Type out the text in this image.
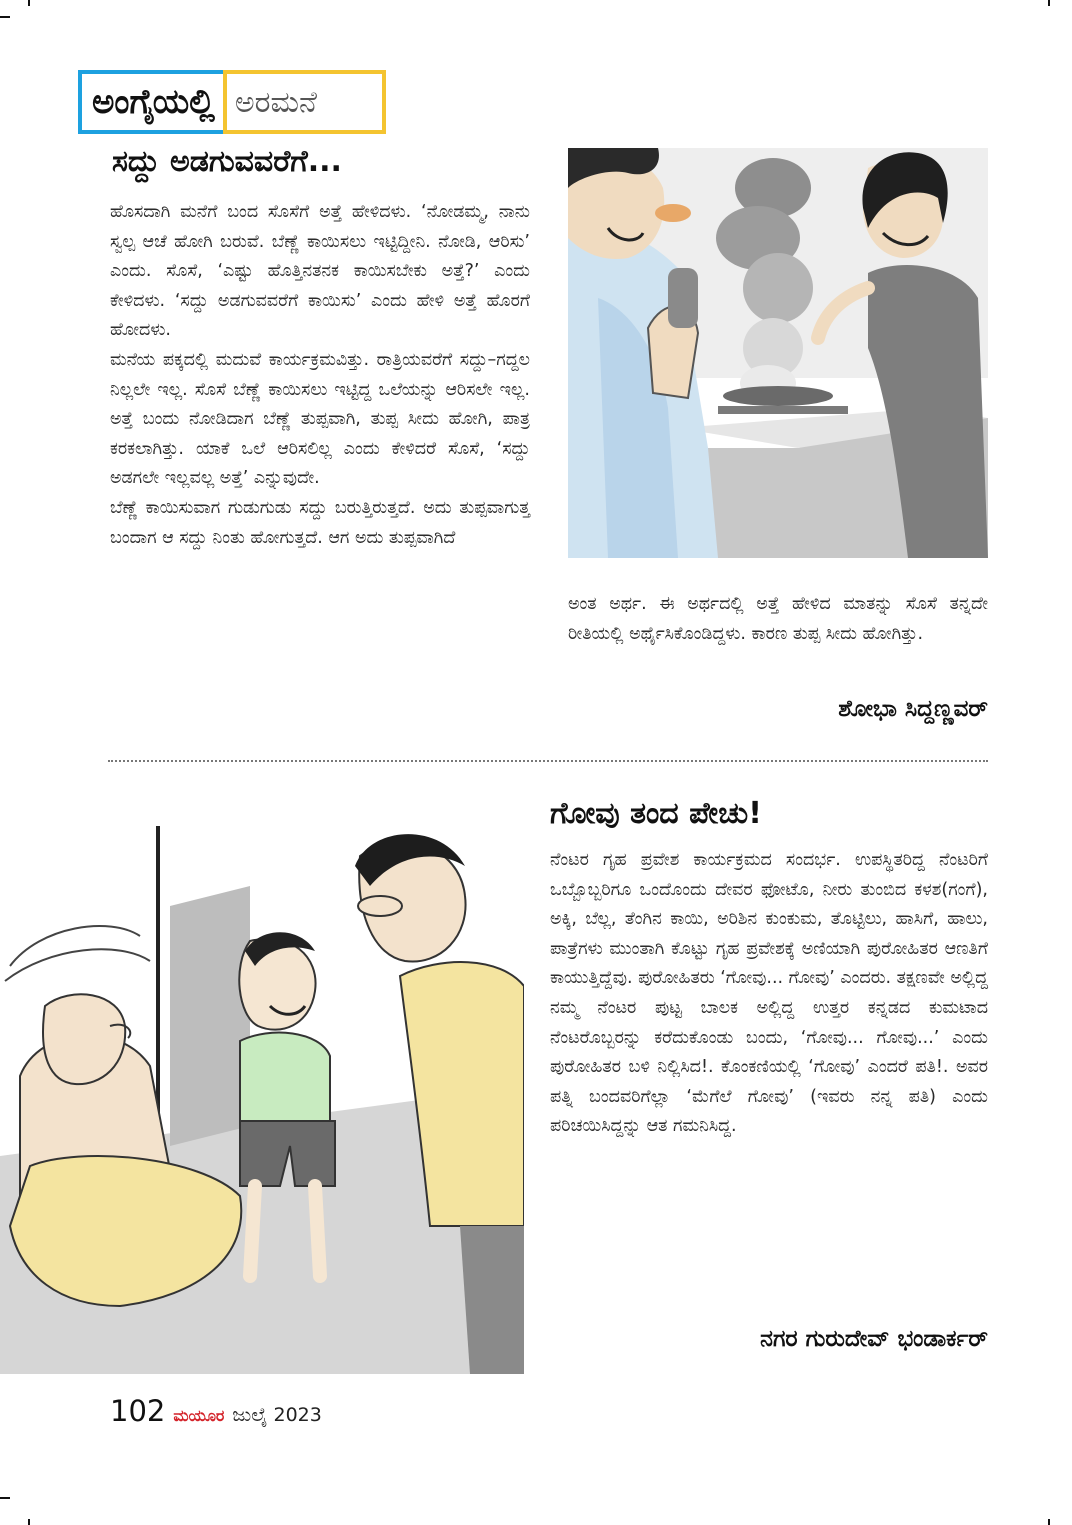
ಅಂಗೈಯಲ್ಲಿ ಅರಮನೆ
ಸದ್ದು ಅಡಗುವವರೆಗೆ...

ಹೊಸದಾಗಿ ಮನೆಗೆ ಬಂದ ಸೊಸೆಗೆ ಅತ್ತೆ ಹೇಳಿದಳು. ‘ನೋಡಮ್ಮ, ನಾನು ಸ್ವಲ್ಪ ಆಚೆ ಹೋಗಿ ಬರುವೆ. ಬೆಣ್ಣೆ ಕಾಯಿಸಲು ಇಟ್ಟಿದ್ದೀನಿ. ನೋಡಿ, ಆರಿಸು’ ಎಂದು. ಸೊಸೆ, ‘ಎಷ್ಟು ಹೊತ್ತಿನತನಕ ಕಾಯಿಸಬೇಕು ಅತ್ತೆ?’ ಎಂದು ಕೇಳಿದಳು. ‘ಸದ್ದು ಅಡಗುವವರೆಗೆ ಕಾಯಿಸು’ ಎಂದು ಹೇಳಿ ಅತ್ತೆ ಹೊರಗೆ ಹೋದಳು.

ಮನೆಯ ಪಕ್ಕದಲ್ಲಿ ಮದುವೆ ಕಾರ್ಯಕ್ರಮವಿತ್ತು. ರಾತ್ರಿಯವರೆಗೆ ಸದ್ದು–ಗದ್ದಲ ನಿಲ್ಲಲೇ ಇಲ್ಲ. ಸೊಸೆ ಬೆಣ್ಣೆ ಕಾಯಿಸಲು ಇಟ್ಟಿದ್ದ ಒಲೆಯನ್ನು ಆರಿಸಲೇ ಇಲ್ಲ. ಅತ್ತೆ ಬಂದು ನೋಡಿದಾಗ ಬೆಣ್ಣೆ ತುಪ್ಪವಾಗಿ, ತುಪ್ಪ ಸೀದು ಹೋಗಿ, ಪಾತ್ರ ಕರಕಲಾಗಿತ್ತು. ಯಾಕೆ ಒಲೆ ಆರಿಸಲಿಲ್ಲ ಎಂದು ಕೇಳಿದರೆ ಸೊಸೆ, ‘ಸದ್ದು ಅಡಗಲೇ ಇಲ್ಲವಲ್ಲ ಅತ್ತೆ’ ಎನ್ನುವುದೇ.

ಬೆಣ್ಣೆ ಕಾಯಿಸುವಾಗ ಗುಡುಗುಡು ಸದ್ದು ಬರುತ್ತಿರುತ್ತದೆ. ಅದು ತುಪ್ಪವಾಗುತ್ತ ಬಂದಾಗ ಆ ಸದ್ದು ನಿಂತು ಹೋಗುತ್ತದೆ. ಆಗ ಅದು ತುಪ್ಪವಾಗಿದೆ

ಅಂತ ಅರ್ಥ. ಈ ಅರ್ಥದಲ್ಲಿ ಅತ್ತೆ ಹೇಳಿದ ಮಾತನ್ನು ಸೊಸೆ ತನ್ನದೇ ರೀತಿಯಲ್ಲಿ ಅರ್ಥೈಸಿಕೊಂಡಿದ್ದಳು. ಕಾರಣ ತುಪ್ಪ ಸೀದು ಹೋಗಿತ್ತು.
ಶೋಭಾ ಸಿದ್ದಣ್ಣವರ್
ಗೋವು ತಂದ ಪೇಚು!
ನೆಂಟರ ಗೃಹ ಪ್ರವೇಶ ಕಾರ್ಯಕ್ರಮದ ಸಂದರ್ಭ. ಉಪಸ್ಥಿತರಿದ್ದ ನೆಂಟರಿಗೆ ಒಬ್ಬೊಬ್ಬರಿಗೂ ಒಂದೊಂದು ದೇವರ ಫೋಟೊ, ನೀರು ತುಂಬಿದ ಕಳಶ(ಗಂಗೆ), ಅಕ್ಕಿ, ಬೆಲ್ಲ, ತೆಂಗಿನ ಕಾಯಿ, ಅರಿಶಿನ ಕುಂಕುಮ, ತೊಟ್ಟಿಲು, ಹಾಸಿಗೆ, ಹಾಲು, ಪಾತ್ರೆಗಳು ಮುಂತಾಗಿ ಕೊಟ್ಟು ಗೃಹ ಪ್ರವೇಶಕ್ಕೆ ಅಣಿಯಾಗಿ ಪುರೋಹಿತರ ಆಣತಿಗೆ ಕಾಯುತ್ತಿದ್ದೆವು. ಪುರೋಹಿತರು ‘ಗೋವು... ಗೋವು’ ಎಂದರು. ತಕ್ಷಣವೇ ಅಲ್ಲಿದ್ದ ನಮ್ಮ ನೆಂಟರ ಪುಟ್ಟ ಬಾಲಕ ಅಲ್ಲಿದ್ದ ಉತ್ತರ ಕನ್ನಡದ ಕುಮಟಾದ ನೆಂಟರೊಬ್ಬರನ್ನು ಕರೆದುಕೊಂಡು ಬಂದು, ‘ಗೋವು... ಗೋವು...’ ಎಂದು ಪುರೋಹಿತರ ಬಳಿ ನಿಲ್ಲಿಸಿದ!. ಕೊಂಕಣಿಯಲ್ಲಿ ‘ಗೋವು’ ಎಂದರೆ ಪತಿ!. ಅವರ ಪತ್ನಿ ಬಂದವರಿಗೆಲ್ಲಾ ‘ಮೆಗೆಲೆ ಗೋವು’ (ಇವರು ನನ್ನ ಪತಿ) ಎಂದು ಪರಿಚಯಿಸಿದ್ದನ್ನು ಆತ ಗಮನಿಸಿದ್ದ.
ನಗರ ಗುರುದೇವ್ ಭಂಡಾರ್ಕರ್
102 ಮಯೂರ ಜುಲೈ 2023
